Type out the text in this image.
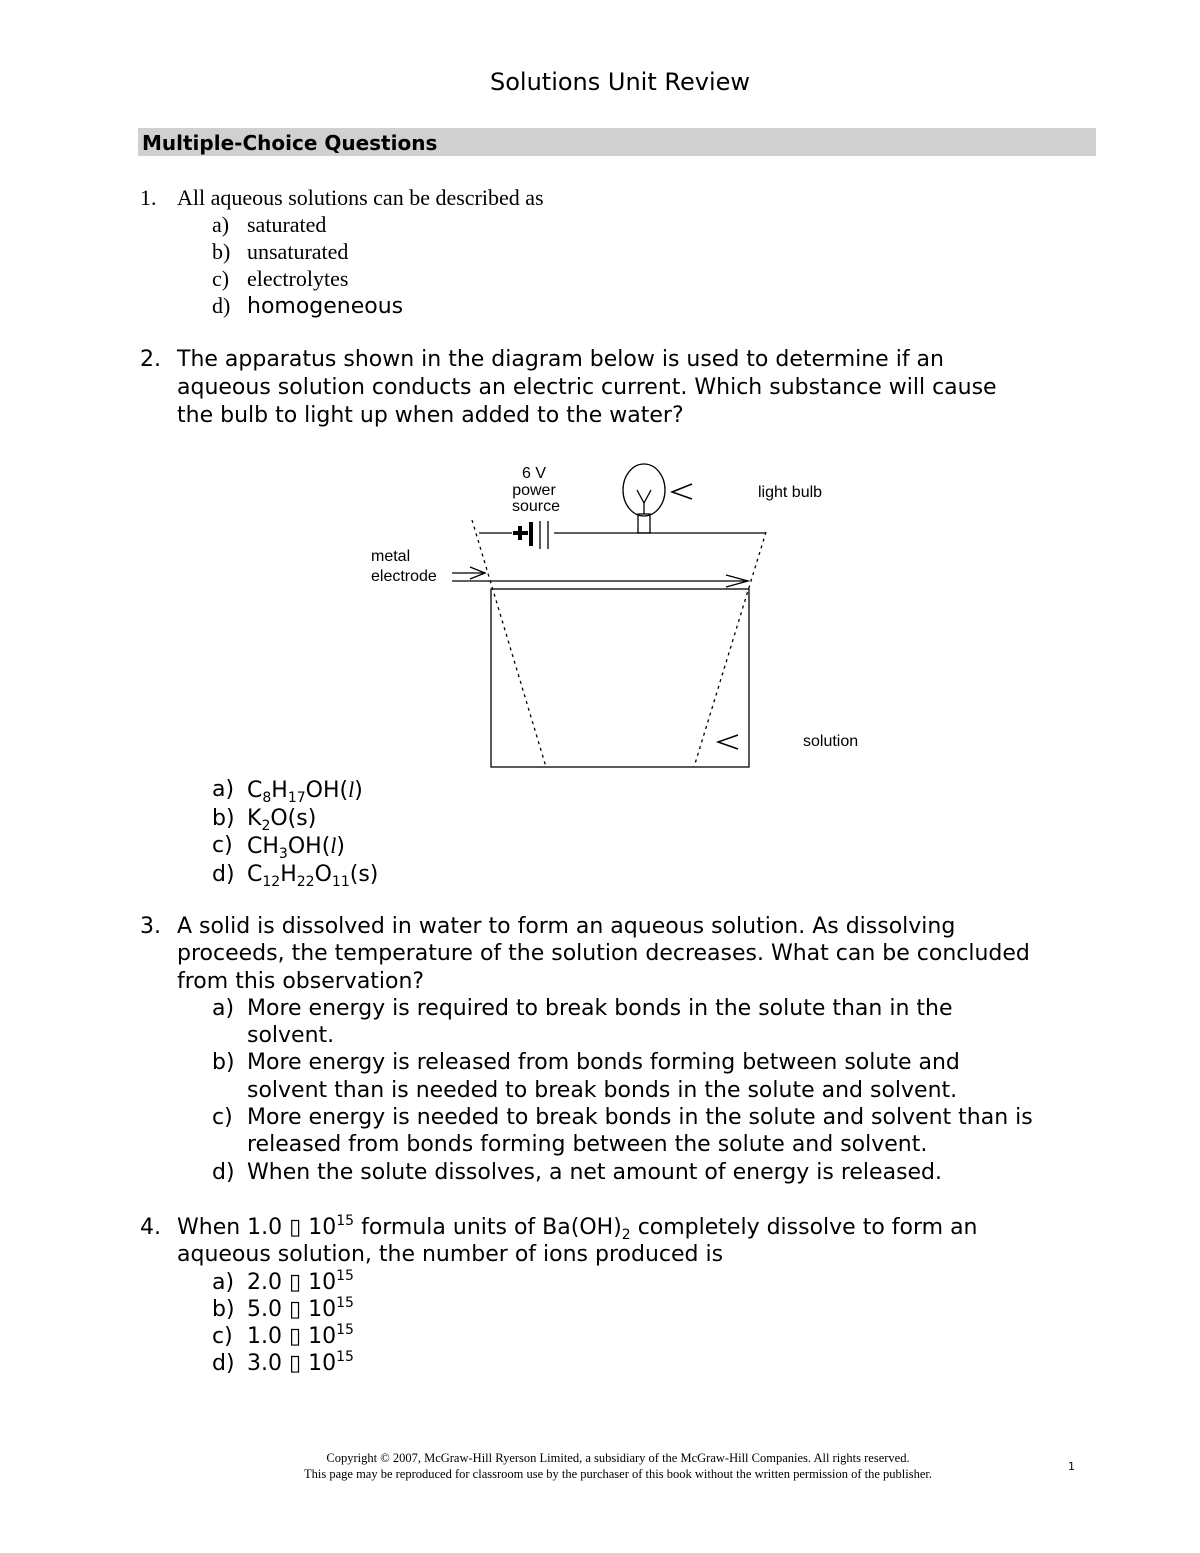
Solutions Unit Review
Multiple-Choice Questions
1. All aqueous solutions can be described as
a) saturated
b) unsaturated
c) electrolytes
d) homogeneous
2. The apparatus shown in the diagram below is used to determine if an
aqueous solution conducts an electric current. Which substance will cause
the bulb to light up when added to the water?
6 V
power
source
light bulb
metal
electrode
solution
a) $C_8H_{17}OH(l)$
b) $K_2O(s)$
c) $CH_3OH(l)$
d) $C_{12}H_{22}O_{11}(s)$
3. A solid is dissolved in water to form an aqueous solution. As dissolving
proceeds, the temperature of the solution decreases. What can be concluded
from this observation?
a) More energy is required to break bonds in the solute than in the
solvent.
b) More energy is released from bonds forming between solute and
solvent than is needed to break bonds in the solute and solvent.
c) More energy is needed to break bonds in the solute and solvent than is
released from bonds forming between the solute and solvent.
d) When the solute dissolves, a net amount of energy is released.
4. When 1.0 ▯ $10^{15}$ formula units of $Ba(OH)_2$ completely dissolve to form an
aqueous solution, the number of ions produced is
a) 2.0 ▯ $10^{15}$
b) 5.0 ▯ $10^{15}$
c) 1.0 ▯ $10^{15}$
d) 3.0 ▯ $10^{15}$
Copyright © 2007, McGraw-Hill Ryerson Limited, a subsidiary of the McGraw-Hill Companies. All rights reserved.
This page may be reproduced for classroom use by the purchaser of this book without the written permission of the publisher.
1
